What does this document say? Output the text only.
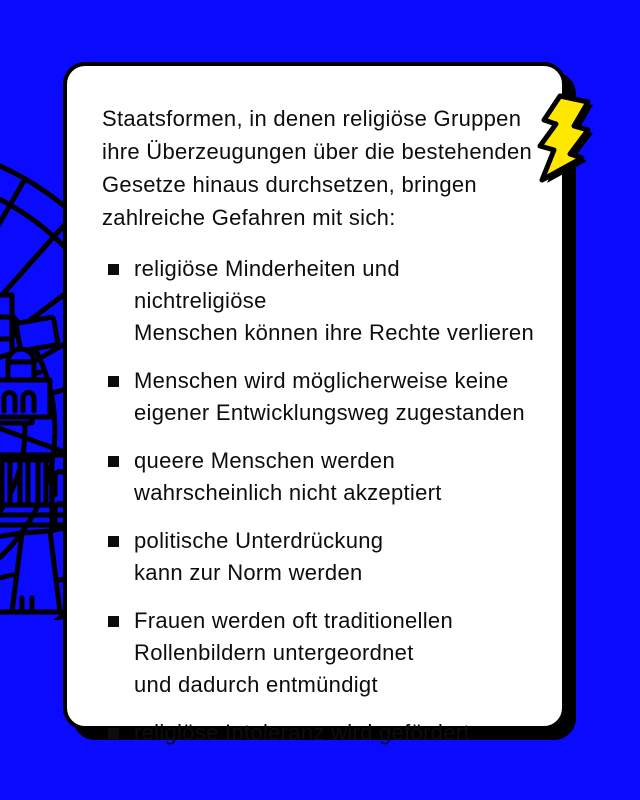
Staatsformen, in denen religiöse Gruppen
ihre Überzeugungen über die bestehenden
Gesetze hinaus durchsetzen, bringen
zahlreiche Gefahren mit sich:

religiöse Minderheiten und nichtreligiöse
Menschen können ihre Rechte verlieren
Menschen wird möglicherweise keine
eigener Entwicklungsweg zugestanden
queere Menschen werden
wahrscheinlich nicht akzeptiert
politische Unterdrückung
kann zur Norm werden
Frauen werden oft traditionellen
Rollenbildern untergeordnet
und dadurch entmündigt
religiöse Intoleranz wird gefördert
